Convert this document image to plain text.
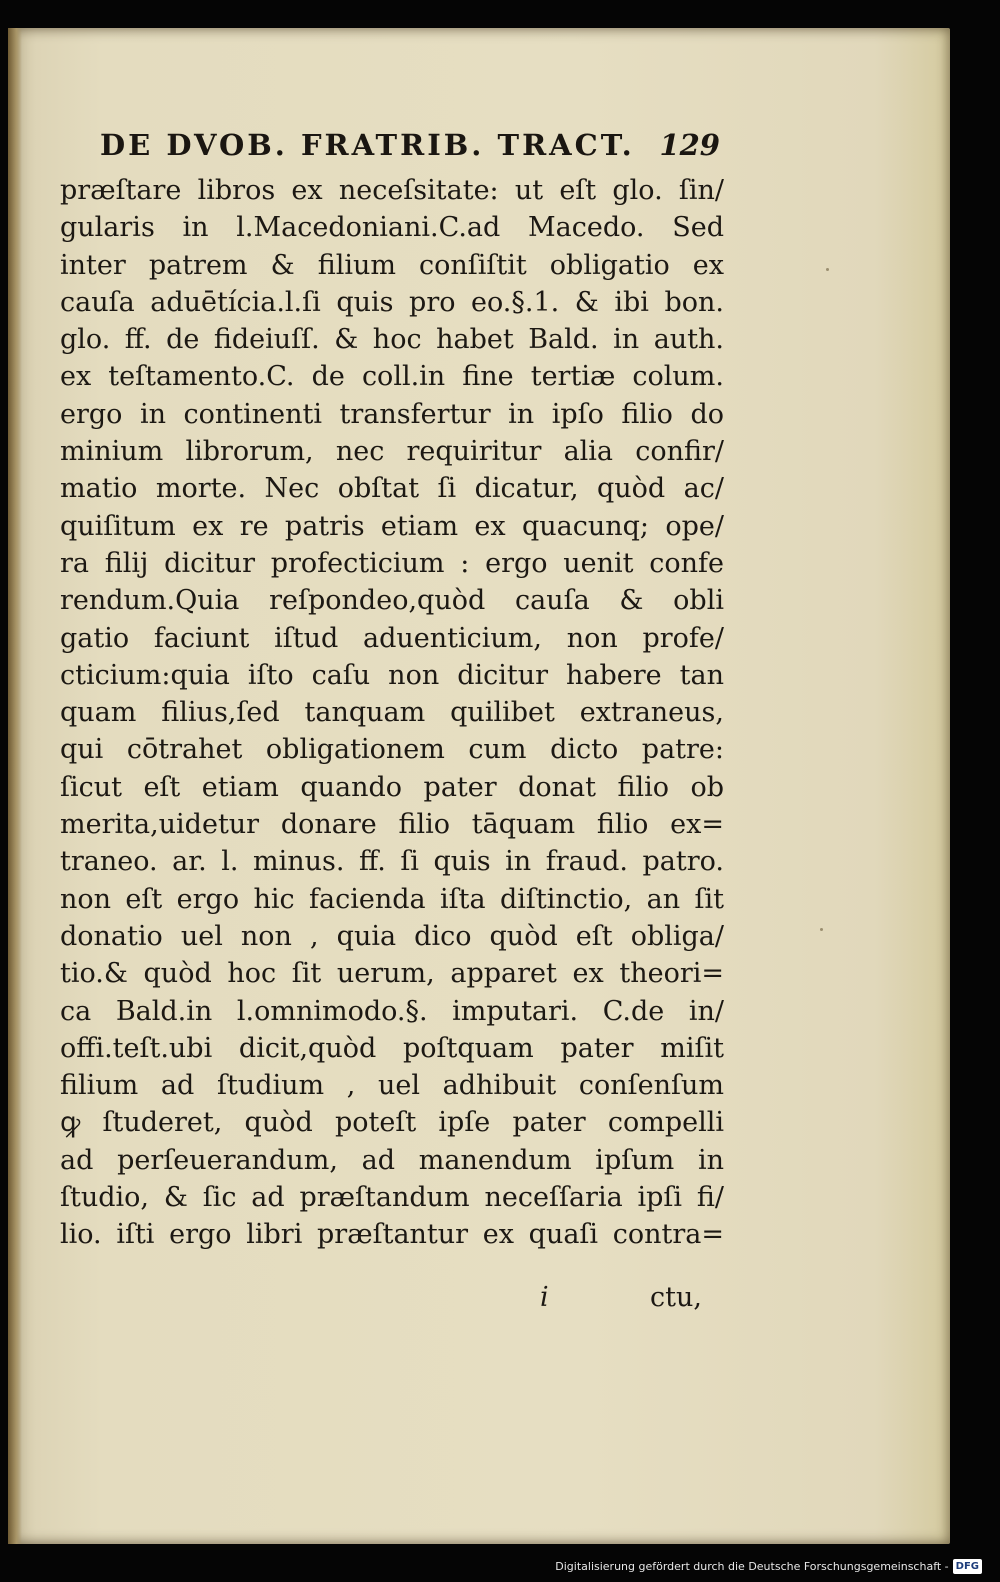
DE DVOB. FRATRIB. TRACT. 129
præſtare libros ex neceſsitate: ut eſt glo. ſin/
gularis in l.Macedoniani.C.ad Macedo. Sed
inter patrem & filium conſiſtit obligatio ex
cauſa aduētícia.l.ſi quis pro eo.§.1. & ibi bon.
glo. ff. de fideiuſſ. & hoc habet Bald. in auth.
ex teſtamento.C. de coll.in fine tertiæ colum.
ergo in continenti transfertur in ipſo filio do
minium librorum, nec requiritur alia confir/
matio morte. Nec obſtat ſi dicatur, quòd ac/
quiſitum ex re patris etiam ex quacunq; ope/
ra filij dicitur profecticium : ergo uenit confe
rendum.Quia reſpondeo,quòd cauſa & obli
gatio faciunt iſtud aduenticium, non profe/
cticium:quia iſto caſu non dicitur habere tan
quam filius,ſed tanquam quilibet extraneus,
qui cōtrahet obligationem cum dicto patre:
ſicut eſt etiam quando pater donat filio ob
merita,uidetur donare filio tāquam filio ex=
traneo. ar. l. minus. ff. ſi quis in fraud. patro.
non eſt ergo hic facienda iſta diſtinctio, an ſit
donatio uel non , quia dico quòd eſt obliga/
tio.& quòd hoc ſit uerum, apparet ex theori=
ca Bald.in l.omnimodo.§. imputari. C.de in/
offi.teſt.ubi dicit,quòd poſtquam pater miſit
filium ad ſtudium , uel adhibuit conſenſum
ꝙ ſtuderet, quòd poteſt ipſe pater compelli
ad perſeuerandum, ad manendum ipſum in
ſtudio, & ſic ad præſtandum neceſſaria ipſi fi/
lio. iſti ergo libri præſtantur ex quaſi contra=
i	ctu,
Digitalisierung gefördert durch die Deutsche Forschungsgemeinschaft - DFG
